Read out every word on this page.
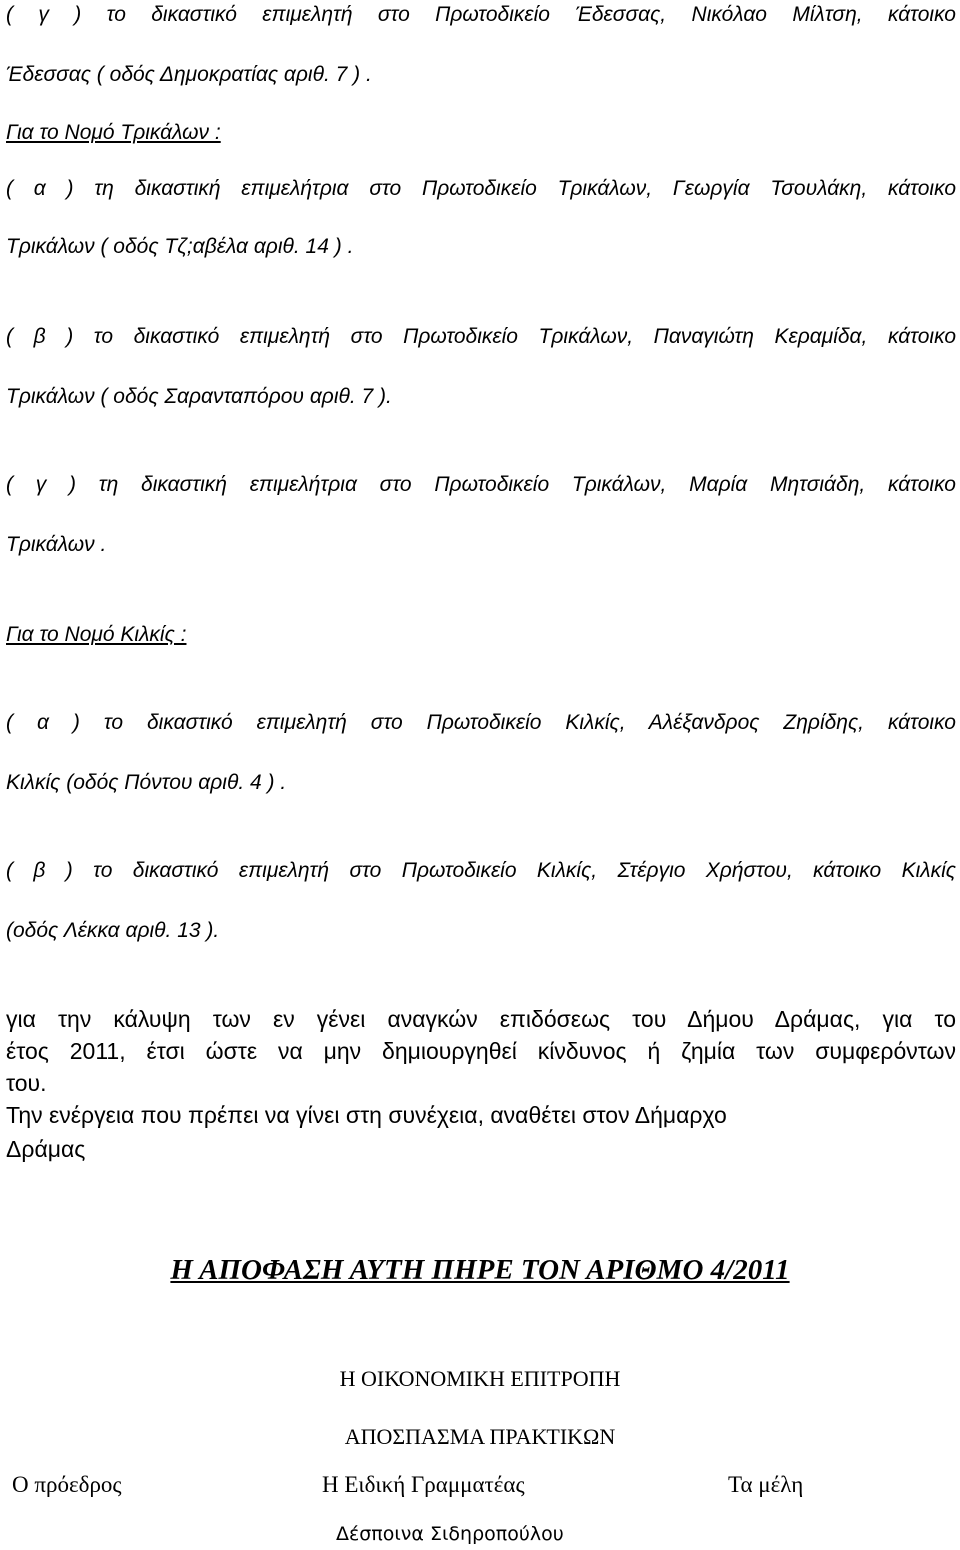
( γ ) το δικαστικό επιμελητή στο Πρωτοδικείο Έδεσσας, Νικόλαο Μίλτση, κάτοικο
Έδεσσας ( οδός Δημοκρατίας αριθ. 7 ) .
Για το Νομό Τρικάλων :
( α ) τη δικαστική επιμελήτρια στο Πρωτοδικείο Τρικάλων, Γεωργία Τσουλάκη, κάτοικο
Τρικάλων ( οδός Τζ;αβέλα αριθ. 14 ) .
( β ) το δικαστικό επιμελητή στο Πρωτοδικείο Τρικάλων, Παναγιώτη Κεραμίδα, κάτοικο
Τρικάλων ( οδός Σαρανταπόρου αριθ. 7 ).
( γ ) τη δικαστική επιμελήτρια στο Πρωτοδικείο Τρικάλων, Μαρία Μητσιάδη, κάτοικο
Τρικάλων .
Για το Νομό Κιλκίς :
( α ) το δικαστικό επιμελητή στο Πρωτοδικείο Κιλκίς, Αλέξανδρος Ζηρίδης, κάτοικο
Κιλκίς (οδός Πόντου αριθ. 4 ) .
( β ) το δικαστικό επιμελητή στο Πρωτοδικείο Κιλκίς, Στέργιο Χρήστου, κάτοικο Κιλκίς
(οδός Λέκκα αριθ. 13 ).
για την κάλυψη των εν γένει αναγκών επιδόσεως του Δήμου Δράμας, για το
έτος 2011, έτσι ώστε να μην δημιουργηθεί κίνδυνος ή ζημία των συμφερόντων
του.
Την ενέργεια που πρέπει να γίνει στη συνέχεια, αναθέτει στον Δήμαρχο
Δράμας
Η ΑΠΟΦΑΣΗ ΑΥΤΗ ΠΗΡΕ ΤΟΝ ΑΡΙΘΜΟ 4/2011
Η ΟΙΚΟΝΟΜΙΚΗ ΕΠΙΤΡΟΠΗ
ΑΠΟΣΠΑΣΜΑ ΠΡΑΚΤΙΚΩΝ
Ο πρόεδρος	Η Ειδική Γραμματέας	Τα μέλη
Δέσποινα Σιδηροπούλου
